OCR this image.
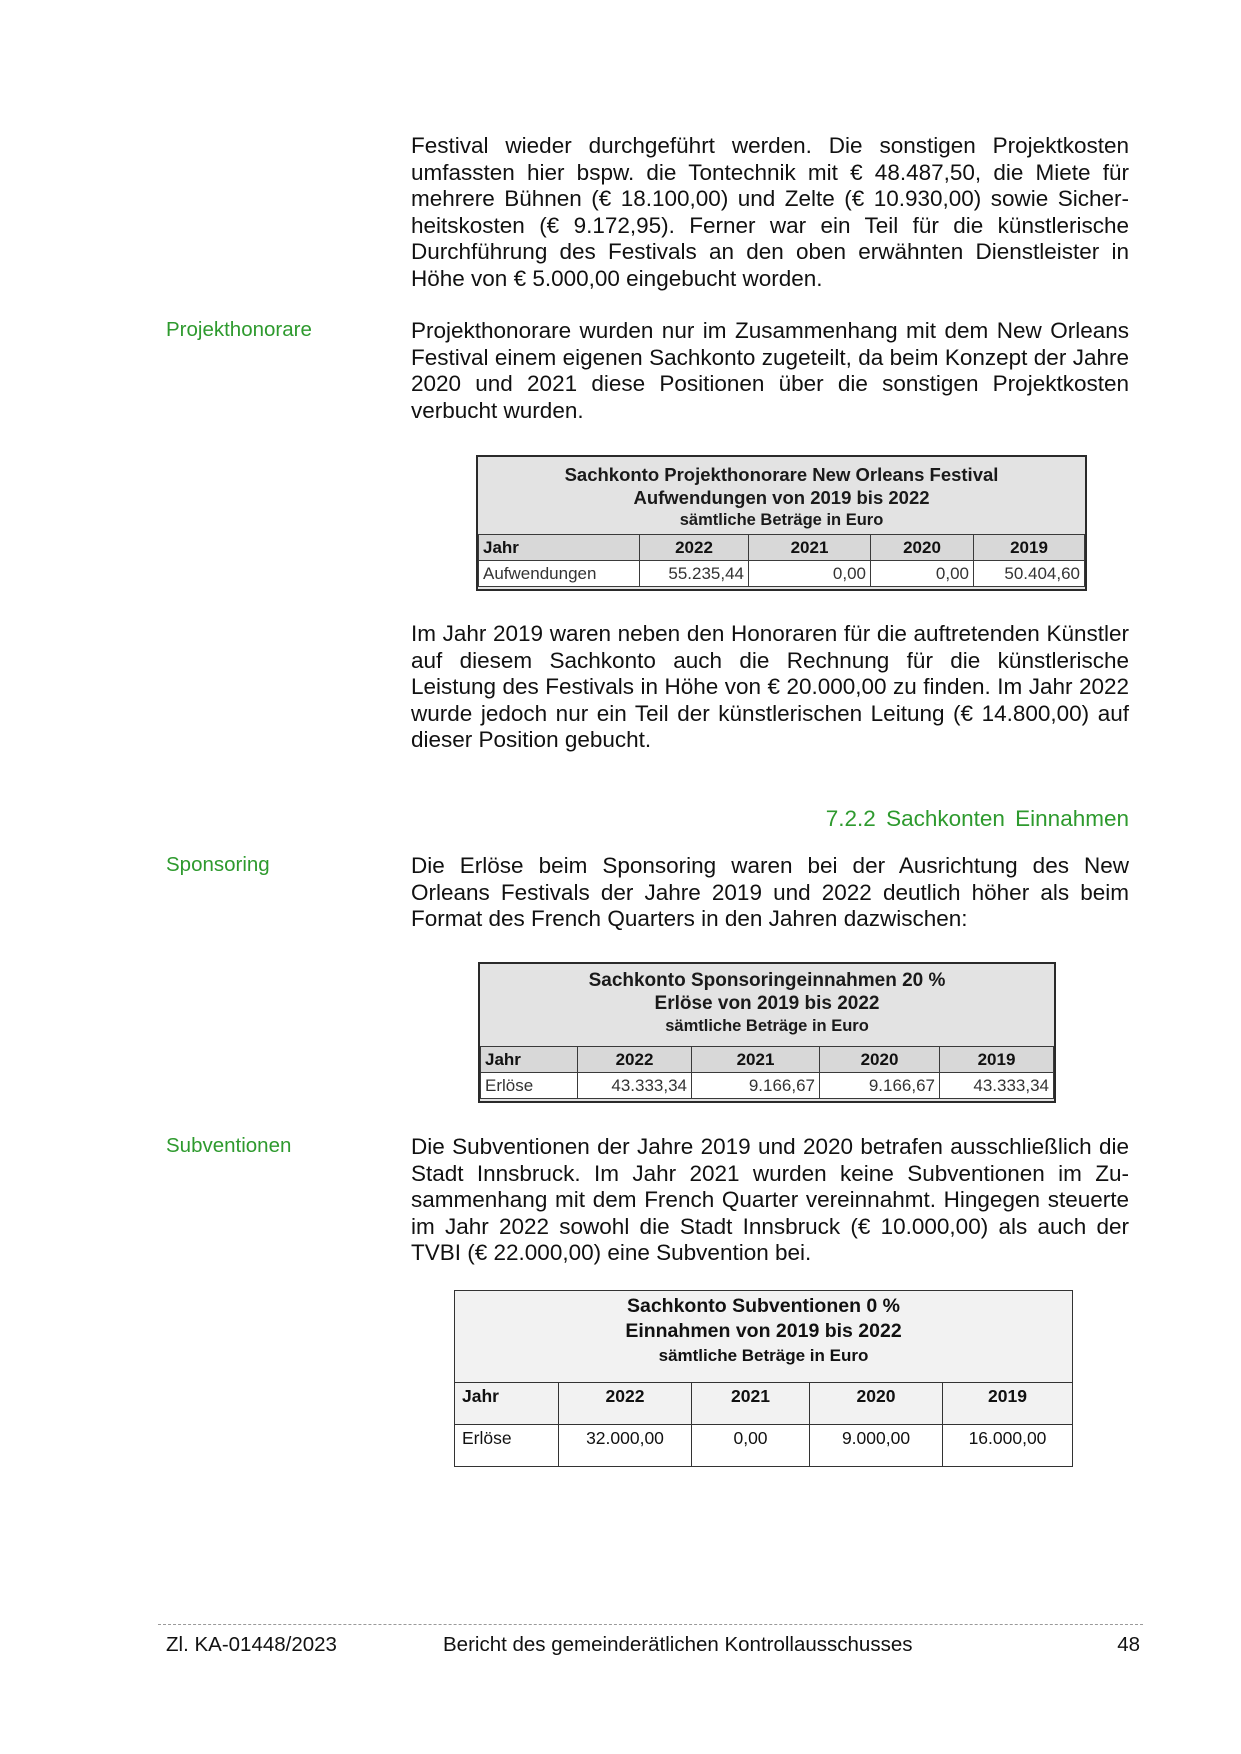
Festival wieder durchgeführt werden. Die sonstigen Projektkosten
umfassten hier bspw. die Tontechnik mit € 48.487,50, die Miete für
mehrere Bühnen (€ 18.100,00) und Zelte (€ 10.930,00) sowie Sicher-
heitskosten (€ 9.172,95). Ferner war ein Teil für die künstlerische
Durchführung des Festivals an den oben erwähnten Dienstleister in
Höhe von € 5.000,00 eingebucht worden.

Projekthonorare	Projekthonorare wurden nur im Zusammenhang mit dem New Orleans
Festival einem eigenen Sachkonto zugeteilt, da beim Konzept der Jahre
2020 und 2021 diese Positionen über die sonstigen Projektkosten
verbucht wurden.
Sachkonto Projekthonorare New Orleans Festival
Aufwendungen von 2019 bis 2022
sämtliche Beträge in Euro
Jahr	2022	2021	2020	2019
Aufwendungen	55.235,44	0,00	0,00	50.404,60
Im Jahr 2019 waren neben den Honoraren für die auftretenden Künstler
auf diesem Sachkonto auch die Rechnung für die künstlerische
Leistung des Festivals in Höhe von € 20.000,00 zu finden. Im Jahr 2022
wurde jedoch nur ein Teil der künstlerischen Leitung (€ 14.800,00) auf
dieser Position gebucht.

7.2.2 Sachkonten Einnahmen

Sponsoring	Die Erlöse beim Sponsoring waren bei der Ausrichtung des New
Orleans Festivals der Jahre 2019 und 2022 deutlich höher als beim
Format des French Quarters in den Jahren dazwischen:
Sachkonto Sponsoringeinnahmen 20 %
Erlöse von 2019 bis 2022
sämtliche Beträge in Euro
Jahr	2022	2021	2020	2019
Erlöse	43.333,34	9.166,67	9.166,67	43.333,34

Subventionen	Die Subventionen der Jahre 2019 und 2020 betrafen ausschließlich die
Stadt Innsbruck. Im Jahr 2021 wurden keine Subventionen im Zu-
sammenhang mit dem French Quarter vereinnahmt. Hingegen steuerte
im Jahr 2022 sowohl die Stadt Innsbruck (€ 10.000,00) als auch der
TVBI (€ 22.000,00) eine Subvention bei.
Sachkonto Subventionen 0 %
Einnahmen von 2019 bis 2022
sämtliche Beträge in Euro
Jahr	2022	2021	2020	2019
Erlöse	32.000,00	0,00	9.000,00	16.000,00

Zl. KA-01448/2023	Bericht des gemeinderätlichen Kontrollausschusses	48
